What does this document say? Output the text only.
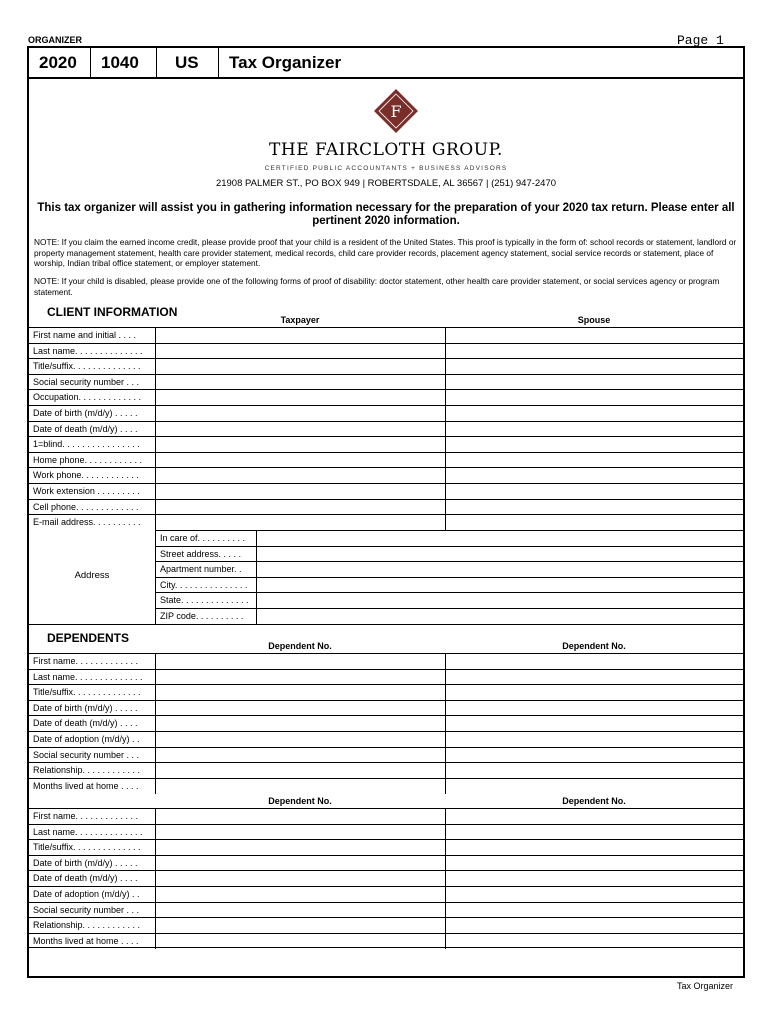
ORGANIZER	Page 1
2020	1040	US	Tax Organizer
F
THE FAIRCLOTH GROUP.
CERTIFIED PUBLIC ACCOUNTANTS + BUSINESS ADVISORS
21908 PALMER ST., PO BOX 949 | ROBERTSDALE, AL 36567 | (251) 947-2470
This tax organizer will assist you in gathering information necessary for the preparation of your 2020 tax return. Please enter all pertinent 2020 information.
NOTE: If you claim the earned income credit, please provide proof that your child is a resident of the United States. This proof is typically in the form of: school records or statement, landlord or property management statement, health care provider statement, medical records, child care provider records, placement agency statement, social service records or statement, place of worship, Indian tribal office statement, or employer statement.
NOTE: If your child is disabled, please provide one of the following forms of proof of disability: doctor statement, other health care provider statement, or social services agency or program statement.
CLIENT INFORMATION
Taxpayer	Spouse
First name and initial . . . .
Last name. . . . . . . . . . . . . .
Title/suffix. . . . . . . . . . . . . .
Social security number . . .
Occupation. . . . . . . . . . . . .
Date of birth (m/d/y) . . . . .
Date of death (m/d/y) . . . .
1=blind. . . . . . . . . . . . . . . .
Home phone. . . . . . . . . . . .
Work phone. . . . . . . . . . . .
Work extension . . . . . . . . .
Cell phone. . . . . . . . . . . . .
E-mail address. . . . . . . . . .
Address
In care of. . . . . . . . . .
Street address. . . . .
Apartment number. .
City. . . . . . . . . . . . . . .
State. . . . . . . . . . . . . .
ZIP code. . . . . . . . . .
DEPENDENTS
Dependent No.	Dependent No.
First name. . . . . . . . . . . . .
Last name. . . . . . . . . . . . . .
Title/suffix. . . . . . . . . . . . . .
Date of birth (m/d/y) . . . . .
Date of death (m/d/y) . . . .
Date of adoption (m/d/y) . .
Social security number . . .
Relationship. . . . . . . . . . . .
Months lived at home . . . .
Dependent No.	Dependent No.
First name. . . . . . . . . . . . .
Last name. . . . . . . . . . . . . .
Title/suffix. . . . . . . . . . . . . .
Date of birth (m/d/y) . . . . .
Date of death (m/d/y) . . . .
Date of adoption (m/d/y) . .
Social security number . . .
Relationship. . . . . . . . . . . .
Months lived at home . . . .
Tax Organizer
